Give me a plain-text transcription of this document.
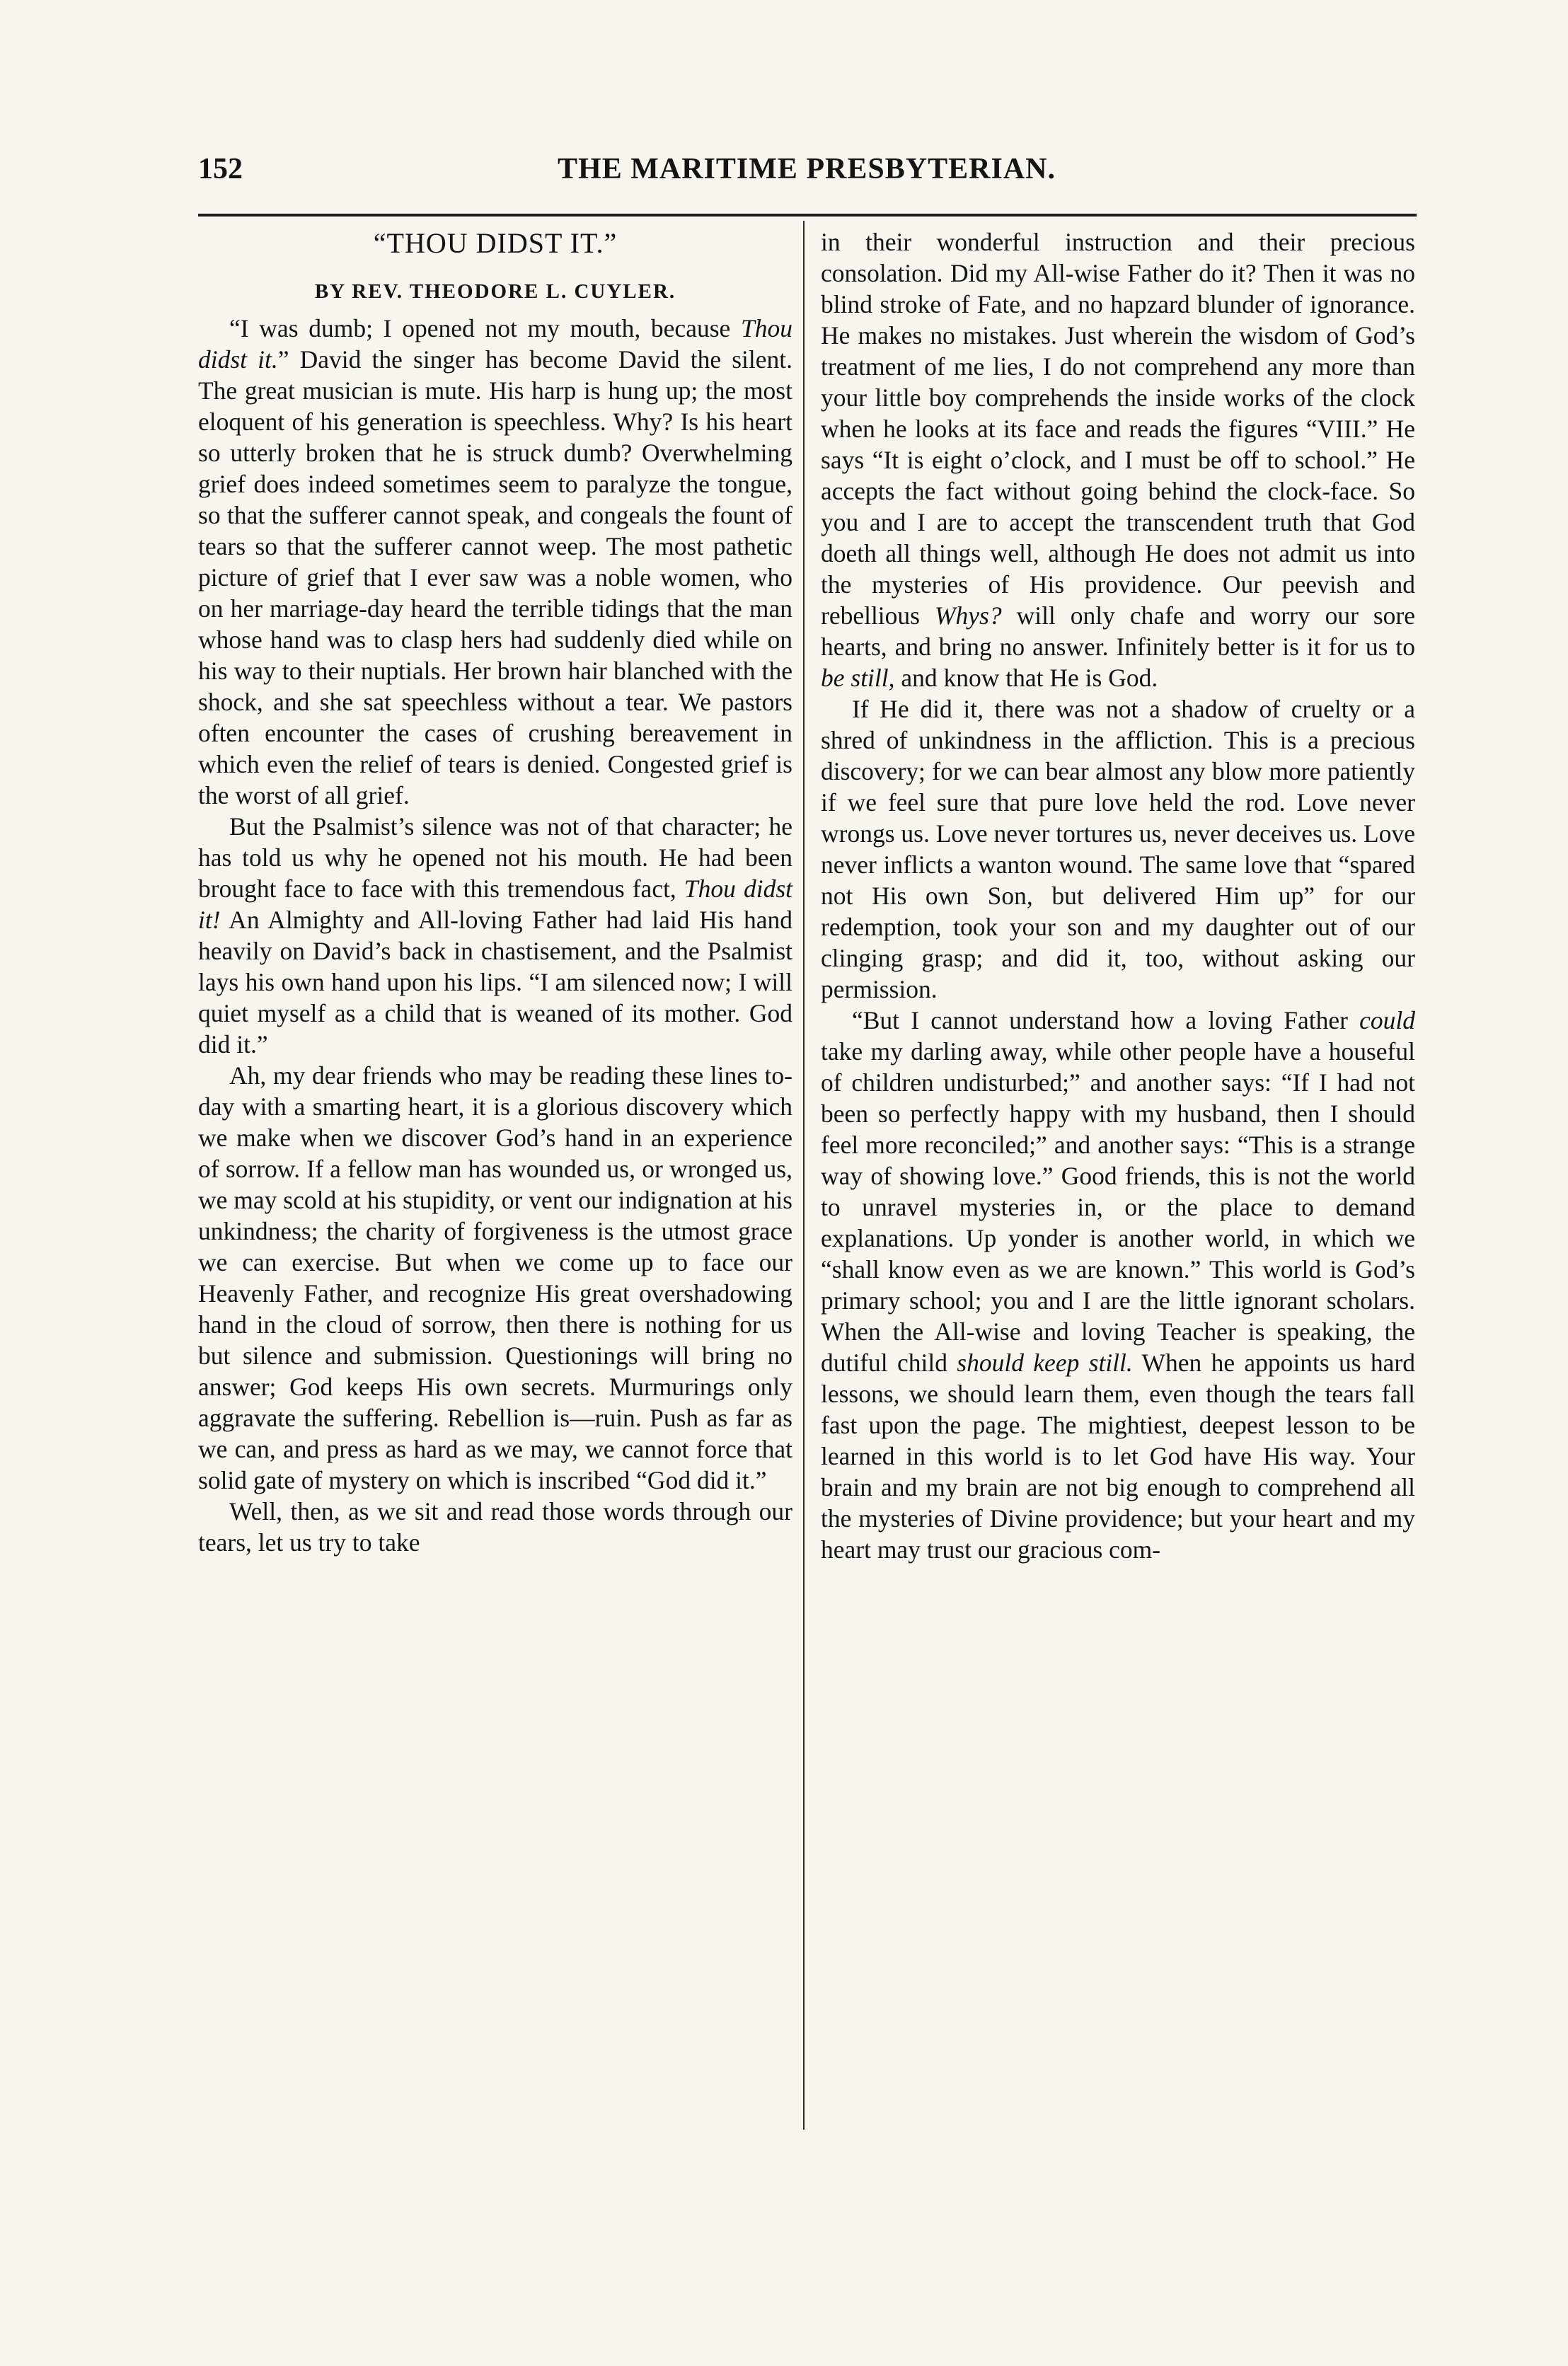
152	THE MARITIME PRESBYTERIAN.
“THOU DIDST IT.”
BY REV. THEODORE L. CUYLER.

“I was dumb; I opened not my mouth, because Thou didst it.” David the singer has become David the silent. The great musician is mute. His harp is hung up; the most eloquent of his generation is speechless. Why? Is his heart so utterly broken that he is struck dumb? Overwhelming grief does indeed sometimes seem to paralyze the tongue, so that the sufferer cannot speak, and congeals the fount of tears so that the sufferer cannot weep. The most pathetic picture of grief that I ever saw was a noble women, who on her marriage-day heard the terrible tidings that the man whose hand was to clasp hers had suddenly died while on his way to their nuptials. Her brown hair blanched with the shock, and she sat speechless without a tear. We pastors often encounter the cases of crushing bereavement in which even the relief of tears is denied. Congested grief is the worst of all grief.

But the Psalmist’s silence was not of that character; he has told us why he opened not his mouth. He had been brought face to face with this tremendous fact, Thou didst it! An Almighty and All-loving Father had laid His hand heavily on David’s back in chastisement, and the Psalmist lays his own hand upon his lips. “I am silenced now; I will quiet myself as a child that is weaned of its mother. God did it.”

Ah, my dear friends who may be reading these lines to-day with a smarting heart, it is a glorious discovery which we make when we discover God’s hand in an experience of sorrow. If a fellow man has wounded us, or wronged us, we may scold at his stupidity, or vent our indignation at his unkindness; the charity of forgiveness is the utmost grace we can exercise. But when we come up to face our Heavenly Father, and recognize His great overshadowing hand in the cloud of sorrow, then there is nothing for us but silence and submission. Questionings will bring no answer; God keeps His own secrets. Murmurings only aggravate the suffering. Rebellion is—ruin. Push as far as we can, and press as hard as we may, we cannot force that solid gate of mystery on which is inscribed “God did it.”

Well, then, as we sit and read those words through our tears, let us try to take

in their wonderful instruction and their precious consolation. Did my All-wise Father do it? Then it was no blind stroke of Fate, and no hapzard blunder of ignorance. He makes no mistakes. Just wherein the wisdom of God’s treatment of me lies, I do not comprehend any more than your little boy comprehends the inside works of the clock when he looks at its face and reads the figures “VIII.” He says “It is eight o’clock, and I must be off to school.” He accepts the fact without going behind the clock-face. So you and I are to accept the transcendent truth that God doeth all things well, although He does not admit us into the mysteries of His providence. Our peevish and rebellious Whys? will only chafe and worry our sore hearts, and bring no answer. Infinitely better is it for us to be still, and know that He is God.

If He did it, there was not a shadow of cruelty or a shred of unkindness in the affliction. This is a precious discovery; for we can bear almost any blow more patiently if we feel sure that pure love held the rod. Love never wrongs us. Love never tortures us, never deceives us. Love never inflicts a wanton wound. The same love that “spared not His own Son, but delivered Him up” for our redemption, took your son and my daughter out of our clinging grasp; and did it, too, without asking our permission.

“But I cannot understand how a loving Father could take my darling away, while other people have a houseful of children undisturbed;” and another says: “If I had not been so perfectly happy with my husband, then I should feel more reconciled;” and another says: “This is a strange way of showing love.” Good friends, this is not the world to unravel mysteries in, or the place to demand explanations. Up yonder is another world, in which we “shall know even as we are known.” This world is God’s primary school; you and I are the little ignorant scholars. When the All-wise and loving Teacher is speaking, the dutiful child should keep still. When he appoints us hard lessons, we should learn them, even though the tears fall fast upon the page. The mightiest, deepest lesson to be learned in this world is to let God have His way. Your brain and my brain are not big enough to comprehend all the mysteries of Divine providence; but your heart and my heart may trust our gracious com-
